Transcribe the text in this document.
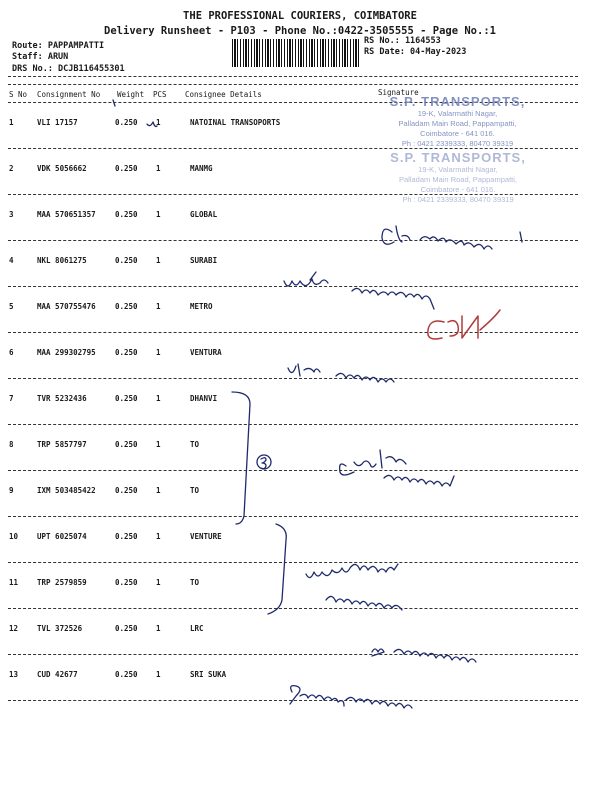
THE PROFESSIONAL COURIERS, COIMBATORE
Delivery Runsheet - P103 - Phone No.:0422-3505555 - Page No.:1
Route: PAPPAMPATTI
Staff: ARUN
DRS No.: DCJB116455301
RS No.: 1164553
RS Date: 04-May-2023
S No Consignment No Weight PCS Consignee Details	Signature
1	VLI 17157	0.250 1	NATOINAL TRANSOPORTS
2	VDK 5056662	0.250 1	MANMG
3	MAA 570651357	0.250 1	GLOBAL
4	NKL 8061275	0.250 1	SURABI
5	MAA 570755476	0.250 1	METRO
6	MAA 299302795	0.250 1	VENTURA
7	TVR 5232436	0.250 1	DHANVI
8	TRP 5857797	0.250 1	TO
9	IXM 503485422	0.250 1	TO
10	UPT 6025074	0.250 1	VENTURE
11	TRP 2579859	0.250 1	TO
12	TVL 372526	0.250 1	LRC
13	CUD 42677	0.250 1	SRI SUKA
S.P. TRANSPORTS,
19-K, Valarmathi Nagar,
Palladam Main Road, Pappampatti,
Coimbatore - 641 016.
Ph : 0421 2339333, 80470 39319
S.P. TRANSPORTS,
19-K, Valarmathi Nagar,
Palladam Main Road, Pappampatti,
Coimbatore - 641 016.
Ph : 0421 2339333, 80470 39319
